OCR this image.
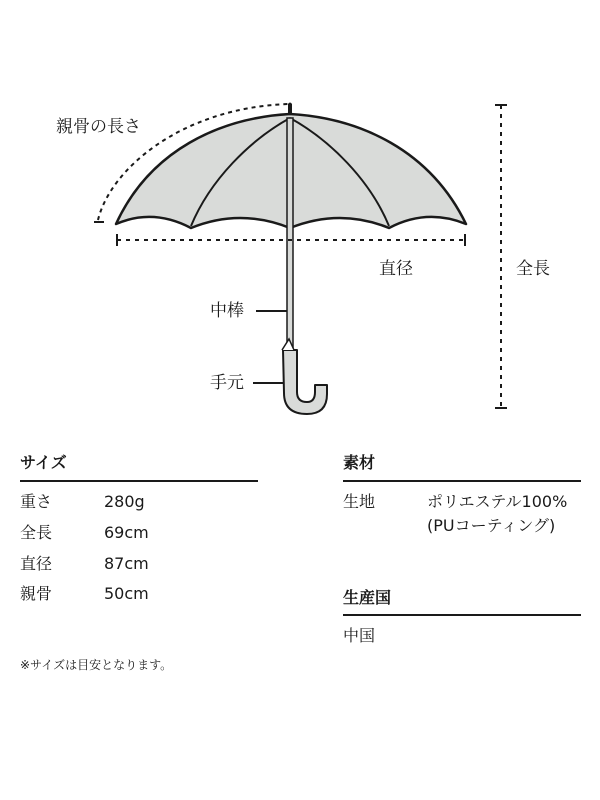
親骨の長さ
直径	全長
中棒
手元
サイズ
重さ	280g
全長	69cm
直径	87cm
親骨	50cm
※サイズは目安となります。
素材
生地	ポリエステル100%
(PUコーティング)
生産国
中国
